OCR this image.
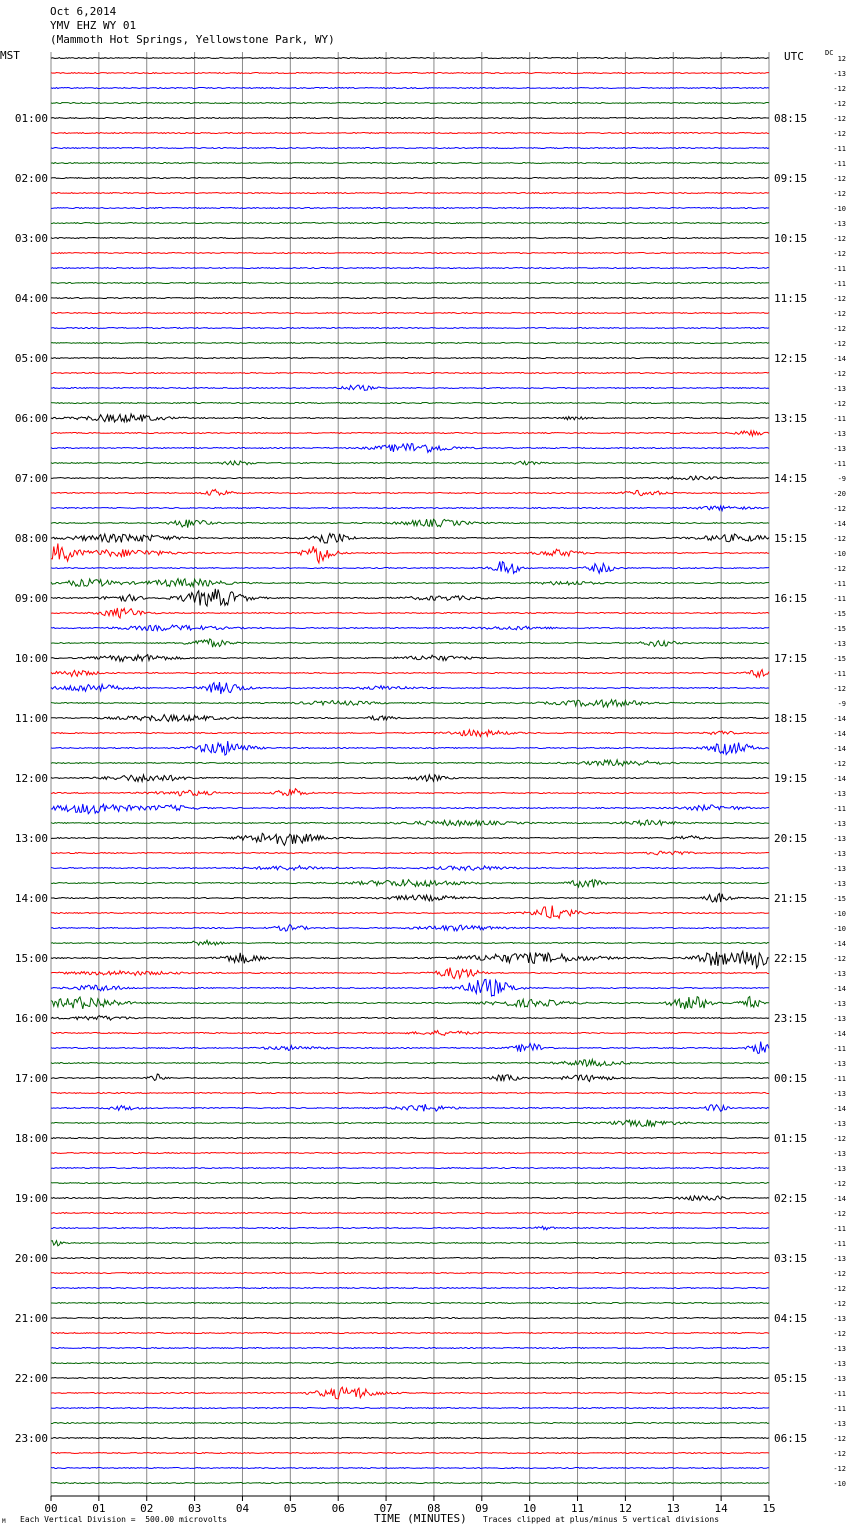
Oct 6,2014
YMV EHZ WY 01
(Mammoth Hot Springs, Yellowstone Park, WY)
MST	UTC	DC
12
-13
-12
-12
-12
-12
-11
-11
-12
-12
-10
-13
-12
-12
-11
-11
-12
-12
-12
-12
-14
-12
-13
-12
-11
-13
-13
-11
-9
-20
-12
-14
-12
-10
-12
-11
-11
-15
-15
-13
-15
-11
-12
-9
-14
-14
-14
-12
-14
-13
-11
-13
-13
-13
-13
-13
-15
-10
-10
-14
-12
-13
-14
-13
-13
-14
-11
-13
-11
-13
-14
-13
-12
-13
-13
-12
-14
-12
-11
-11
-13
-12
-12
-12
-13
-12
-13
-13
-13
-11
-11
-13
-12
-12
-12
-10
01:00
02:00
03:00
04:00
05:00
06:00
07:00
08:00
09:00
10:00
11:00
12:00
13:00
14:00
15:00
16:00
17:00
18:00
19:00
20:00
21:00
22:00
23:00
08:15
09:15
10:15
11:15
12:15
13:15
14:15
15:15
16:15
17:15
18:15
19:15
20:15
21:15
22:15
23:15
00:15
01:15
02:15
03:15
04:15
05:15
06:15
00	01	02	03	04	05	06	07	08	09	10	11	12	13	14	15
M Each Vertical Division =  500.00 microvolts	TIME (MINUTES) Traces clipped at plus/minus 5 vertical divisions
